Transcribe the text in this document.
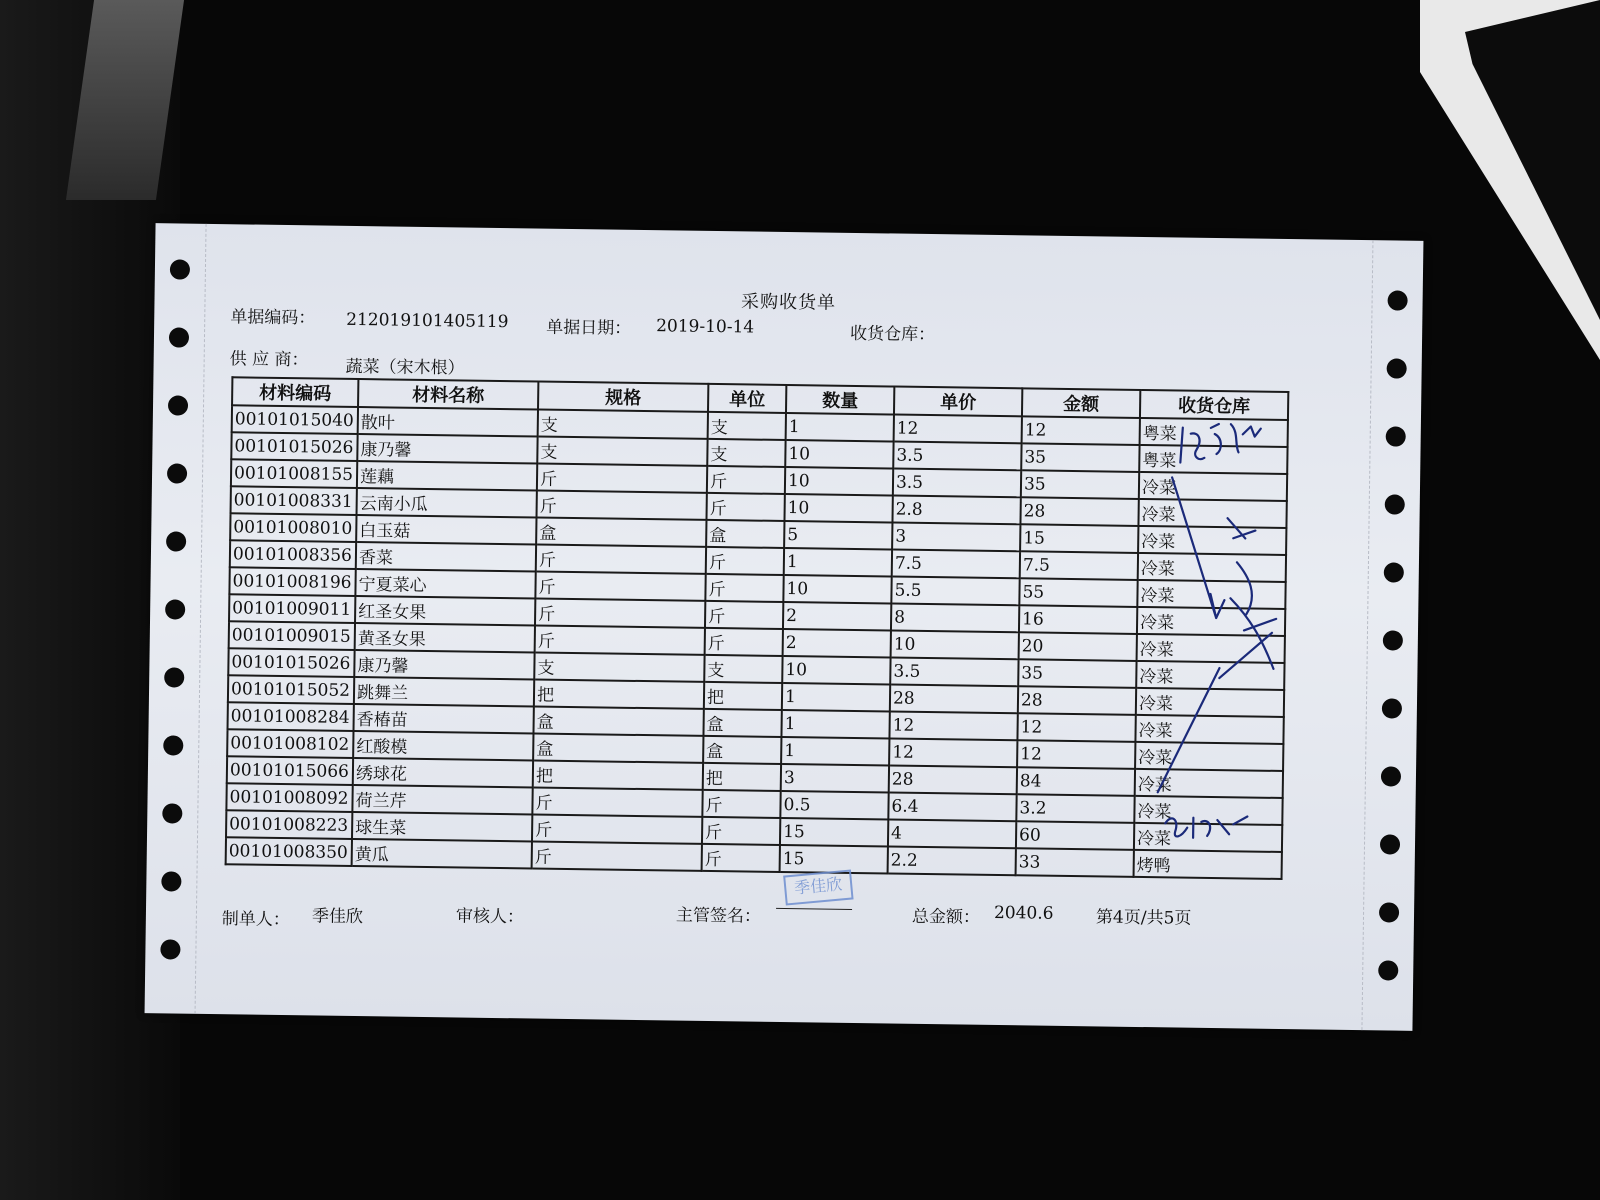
采购收货单
单据编码： 212019101405119 单据日期： 2019-10-14	收货仓库：
供 应 商： 蔬菜（宋木根）
材料编码	材料名称	规格	单位	数量	单价	金额	收货仓库
00101015040	散叶	支	支	1	12	12	粤菜
00101015026	康乃馨	支	支	10	3.5	35	粤菜
00101008155	莲藕	斤	斤	10	3.5	35	冷菜
00101008331	云南小瓜	斤	斤	10	2.8	28	冷菜
00101008010	白玉菇	盒	盒	5	3	15	冷菜
00101008356	香菜	斤	斤	1	7.5	7.5	冷菜
00101008196	宁夏菜心	斤	斤	10	5.5	55	冷菜
00101009011	红圣女果	斤	斤	2	8	16	冷菜
00101009015	黄圣女果	斤	斤	2	10	20	冷菜
00101015026	康乃馨	支	支	10	3.5	35	冷菜
00101015052	跳舞兰	把	把	1	28	28	冷菜
00101008284	香椿苗	盒	盒	1	12	12	冷菜
00101008102	红酸模	盒	盒	1	12	12	冷菜
00101015066	绣球花	把	把	3	28	84	冷菜
00101008092	荷兰芹	斤	斤	0.5	6.4	3.2	冷菜
00101008223	球生菜	斤	斤	15	4	60	冷菜
00101008350	黄瓜	斤	斤	15	2.2	33	烤鸭
季佳欣
制单人： 季佳欣	审核人：	主管签名：	总金额： 2040.6 第4页/共5页
